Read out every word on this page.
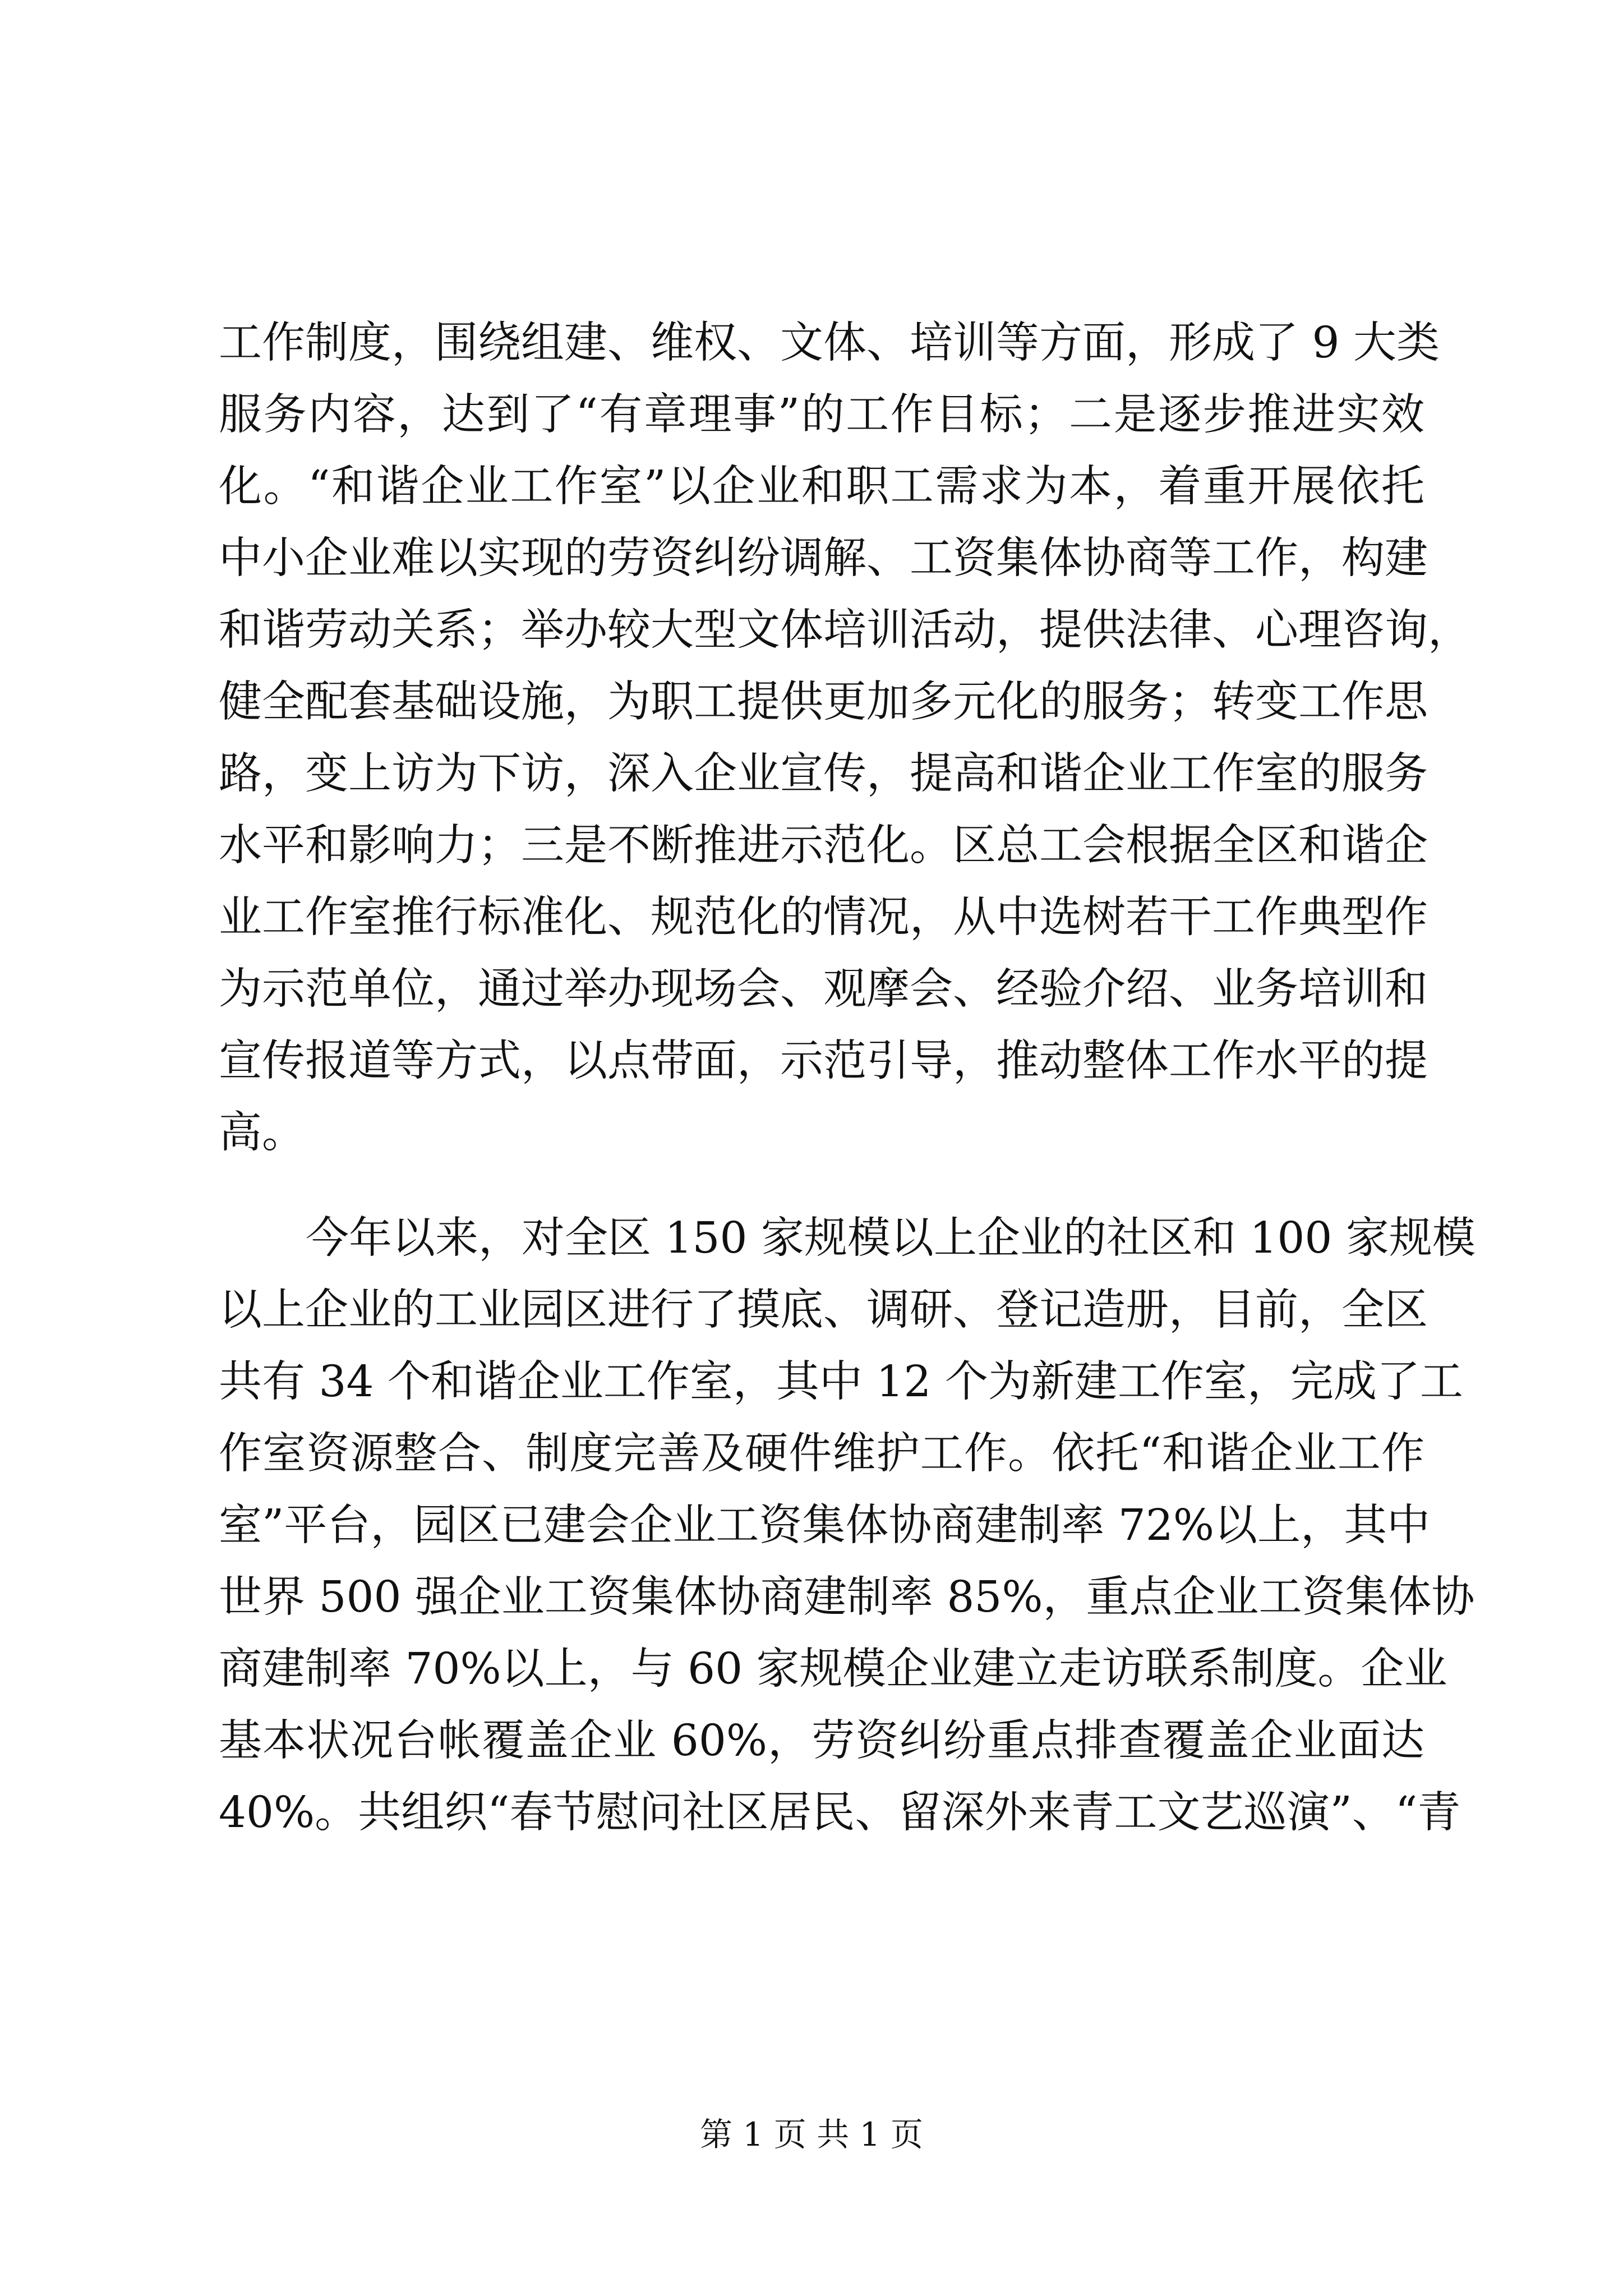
工作制度，围绕组建、维权、文体、培训等方面，形成了 9 大类
服务内容，达到了“有章理事”的工作目标；二是逐步推进实效
化。“和谐企业工作室”以企业和职工需求为本，着重开展依托
中小企业难以实现的劳资纠纷调解、工资集体协商等工作，构建
和谐劳动关系；举办较大型文体培训活动，提供法律、心理咨询，
健全配套基础设施，为职工提供更加多元化的服务；转变工作思
路，变上访为下访，深入企业宣传，提高和谐企业工作室的服务
水平和影响力；三是不断推进示范化。区总工会根据全区和谐企
业工作室推行标准化、规范化的情况，从中选树若干工作典型作
为示范单位，通过举办现场会、观摩会、经验介绍、业务培训和
宣传报道等方式，以点带面，示范引导，推动整体工作水平的提
高。
今年以来，对全区 150 家规模以上企业的社区和 100 家规模
以上企业的工业园区进行了摸底、调研、登记造册，目前，全区
共有 34 个和谐企业工作室，其中 12 个为新建工作室，完成了工
作室资源整合、制度完善及硬件维护工作。依托“和谐企业工作
室”平台，园区已建会企业工资集体协商建制率 72%以上，其中
世界 500 强企业工资集体协商建制率 85%，重点企业工资集体协
商建制率 70%以上，与 60 家规模企业建立走访联系制度。企业
基本状况台帐覆盖企业 60%，劳资纠纷重点排查覆盖企业面达
40%。共组织“春节慰问社区居民、留深外来青工文艺巡演”、“青
第 1 页 共 1 页
